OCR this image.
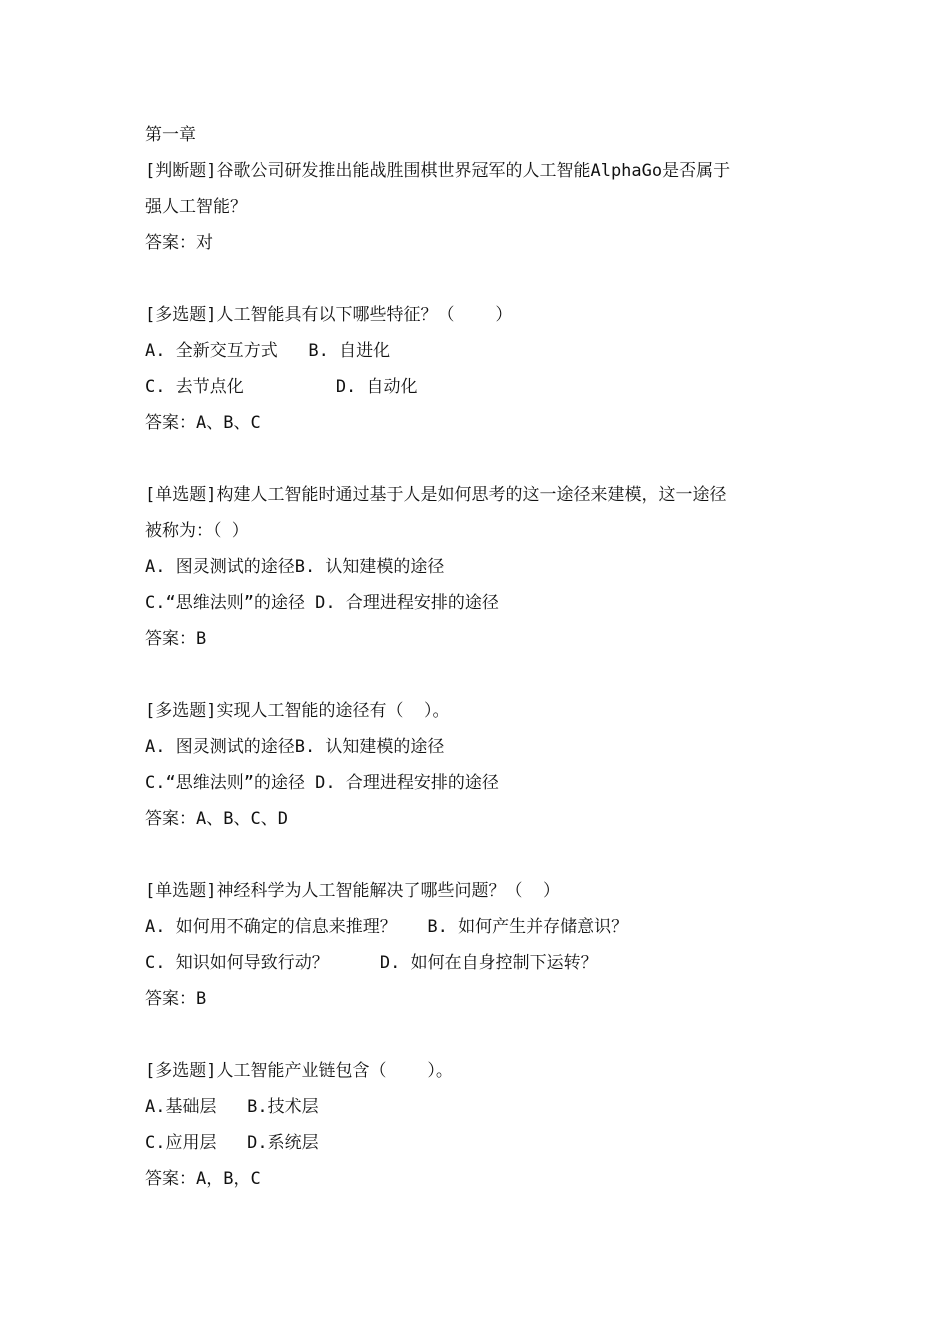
第一章
[判断题]谷歌公司研发推出能战胜围棋世界冠军的人工智能AlphaGo是否属于
强人工智能？
答案：对
[多选题]人工智能具有以下哪些特征？（    ）
A. 全新交互方式   B. 自进化
C. 去节点化         D. 自动化
答案：A、B、C
[单选题]构建人工智能时通过基于人是如何思考的这一途径来建模，这一途径
被称为：（ ）
A. 图灵测试的途径B. 认知建模的途径
C.“思维法则”的途径 D. 合理进程安排的途径
答案：B
[多选题]实现人工智能的途径有（  ）。
A. 图灵测试的途径B. 认知建模的途径
C.“思维法则”的途径 D. 合理进程安排的途径
答案：A、B、C、D
[单选题]神经科学为人工智能解决了哪些问题？（  ）
A. 如何用不确定的信息来推理？   B. 如何产生并存储意识？
C. 知识如何导致行动？     D. 如何在自身控制下运转？
答案：B
[多选题]人工智能产业链包含（    ）。
A.基础层   B.技术层
C.应用层   D.系统层
答案：A，B，C
